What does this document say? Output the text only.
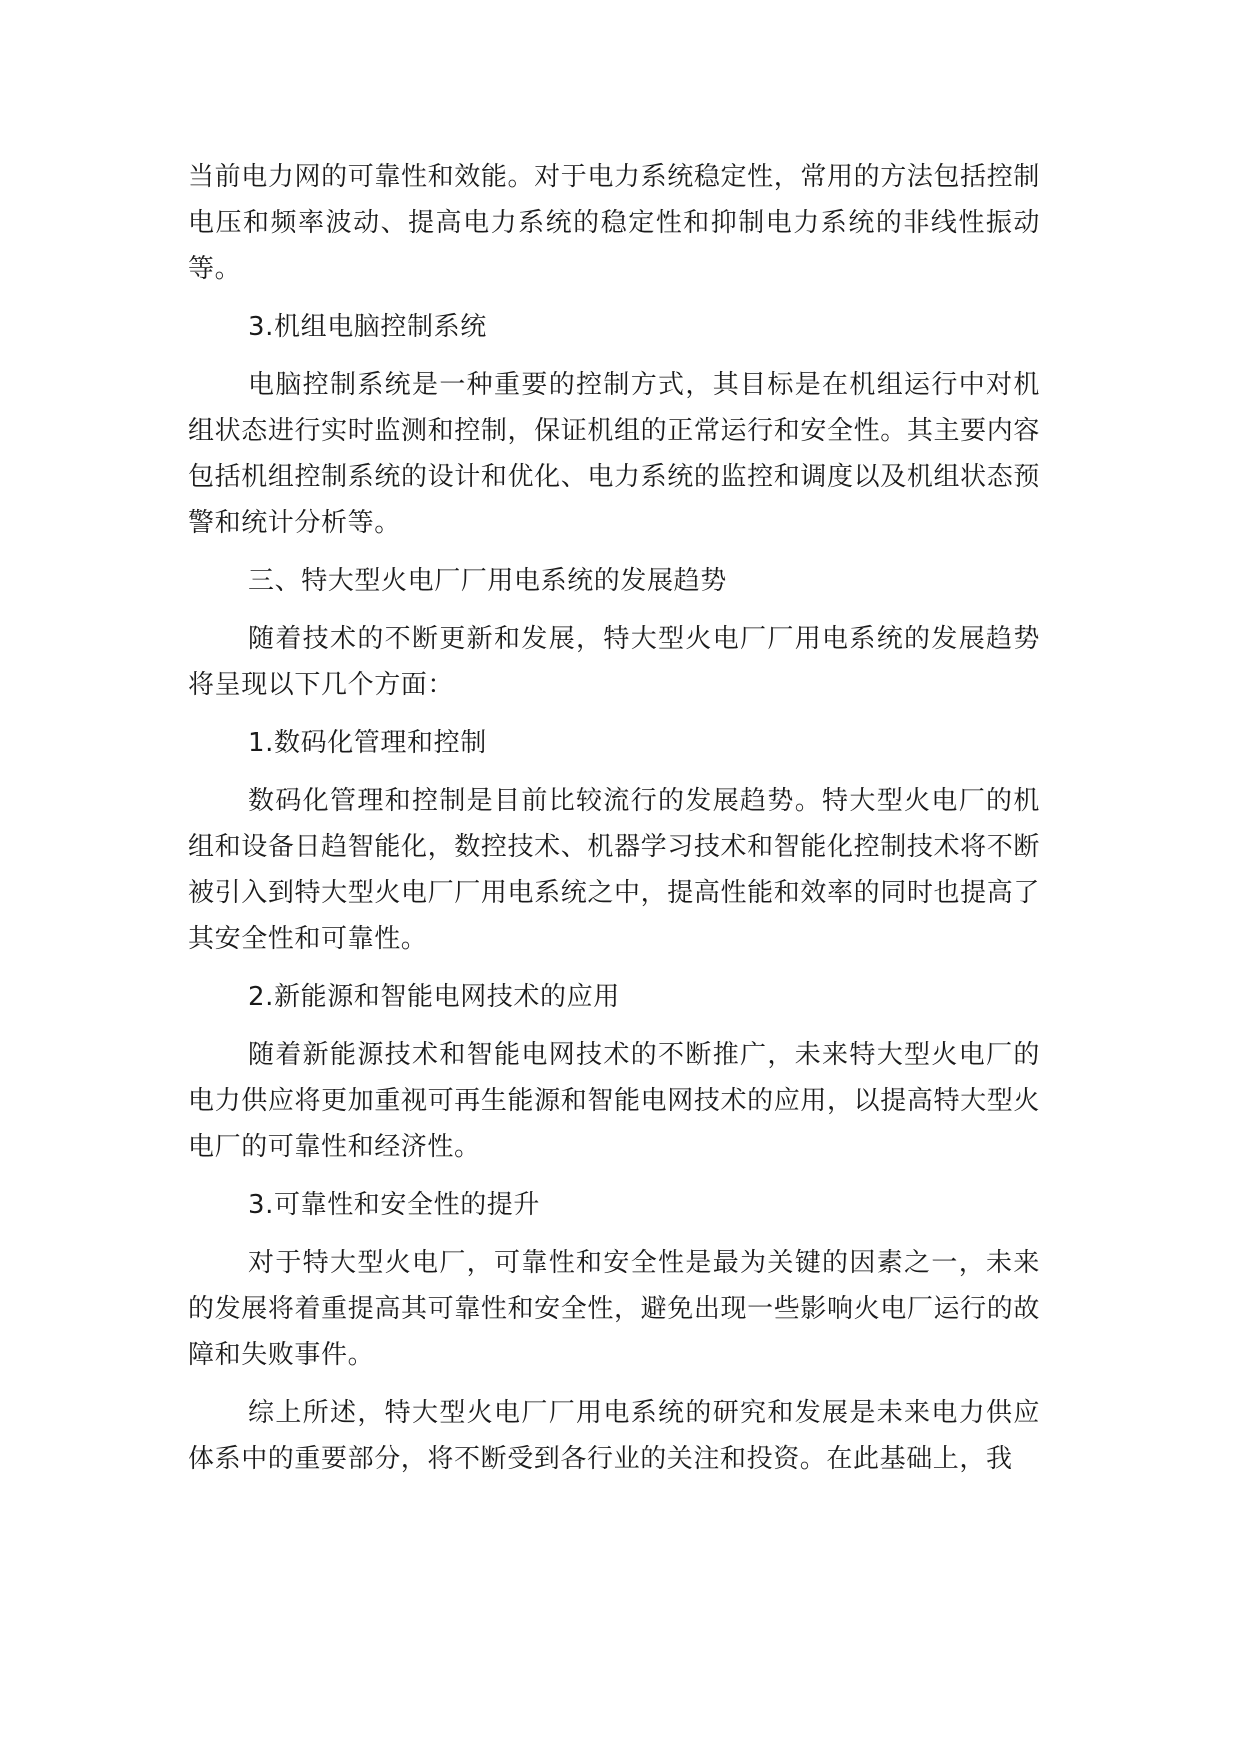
当前电力网的可靠性和效能。对于电力系统稳定性，常用的方法包括控制电压和频率波动、提高电力系统的稳定性和抑制电力系统的非线性振动等。

3.机组电脑控制系统

电脑控制系统是一种重要的控制方式，其目标是在机组运行中对机组状态进行实时监测和控制，保证机组的正常运行和安全性。其主要内容包括机组控制系统的设计和优化、电力系统的监控和调度以及机组状态预警和统计分析等。

三、特大型火电厂厂用电系统的发展趋势

随着技术的不断更新和发展，特大型火电厂厂用电系统的发展趋势将呈现以下几个方面：

1.数码化管理和控制

数码化管理和控制是目前比较流行的发展趋势。特大型火电厂的机组和设备日趋智能化，数控技术、机器学习技术和智能化控制技术将不断被引入到特大型火电厂厂用电系统之中，提高性能和效率的同时也提高了其安全性和可靠性。

2.新能源和智能电网技术的应用

随着新能源技术和智能电网技术的不断推广，未来特大型火电厂的电力供应将更加重视可再生能源和智能电网技术的应用，以提高特大型火电厂的可靠性和经济性。

3.可靠性和安全性的提升

对于特大型火电厂，可靠性和安全性是最为关键的因素之一，未来的发展将着重提高其可靠性和安全性，避免出现一些影响火电厂运行的故障和失败事件。

综上所述，特大型火电厂厂用电系统的研究和发展是未来电力供应体系中的重要部分，将不断受到各行业的关注和投资。在此基础上，我
